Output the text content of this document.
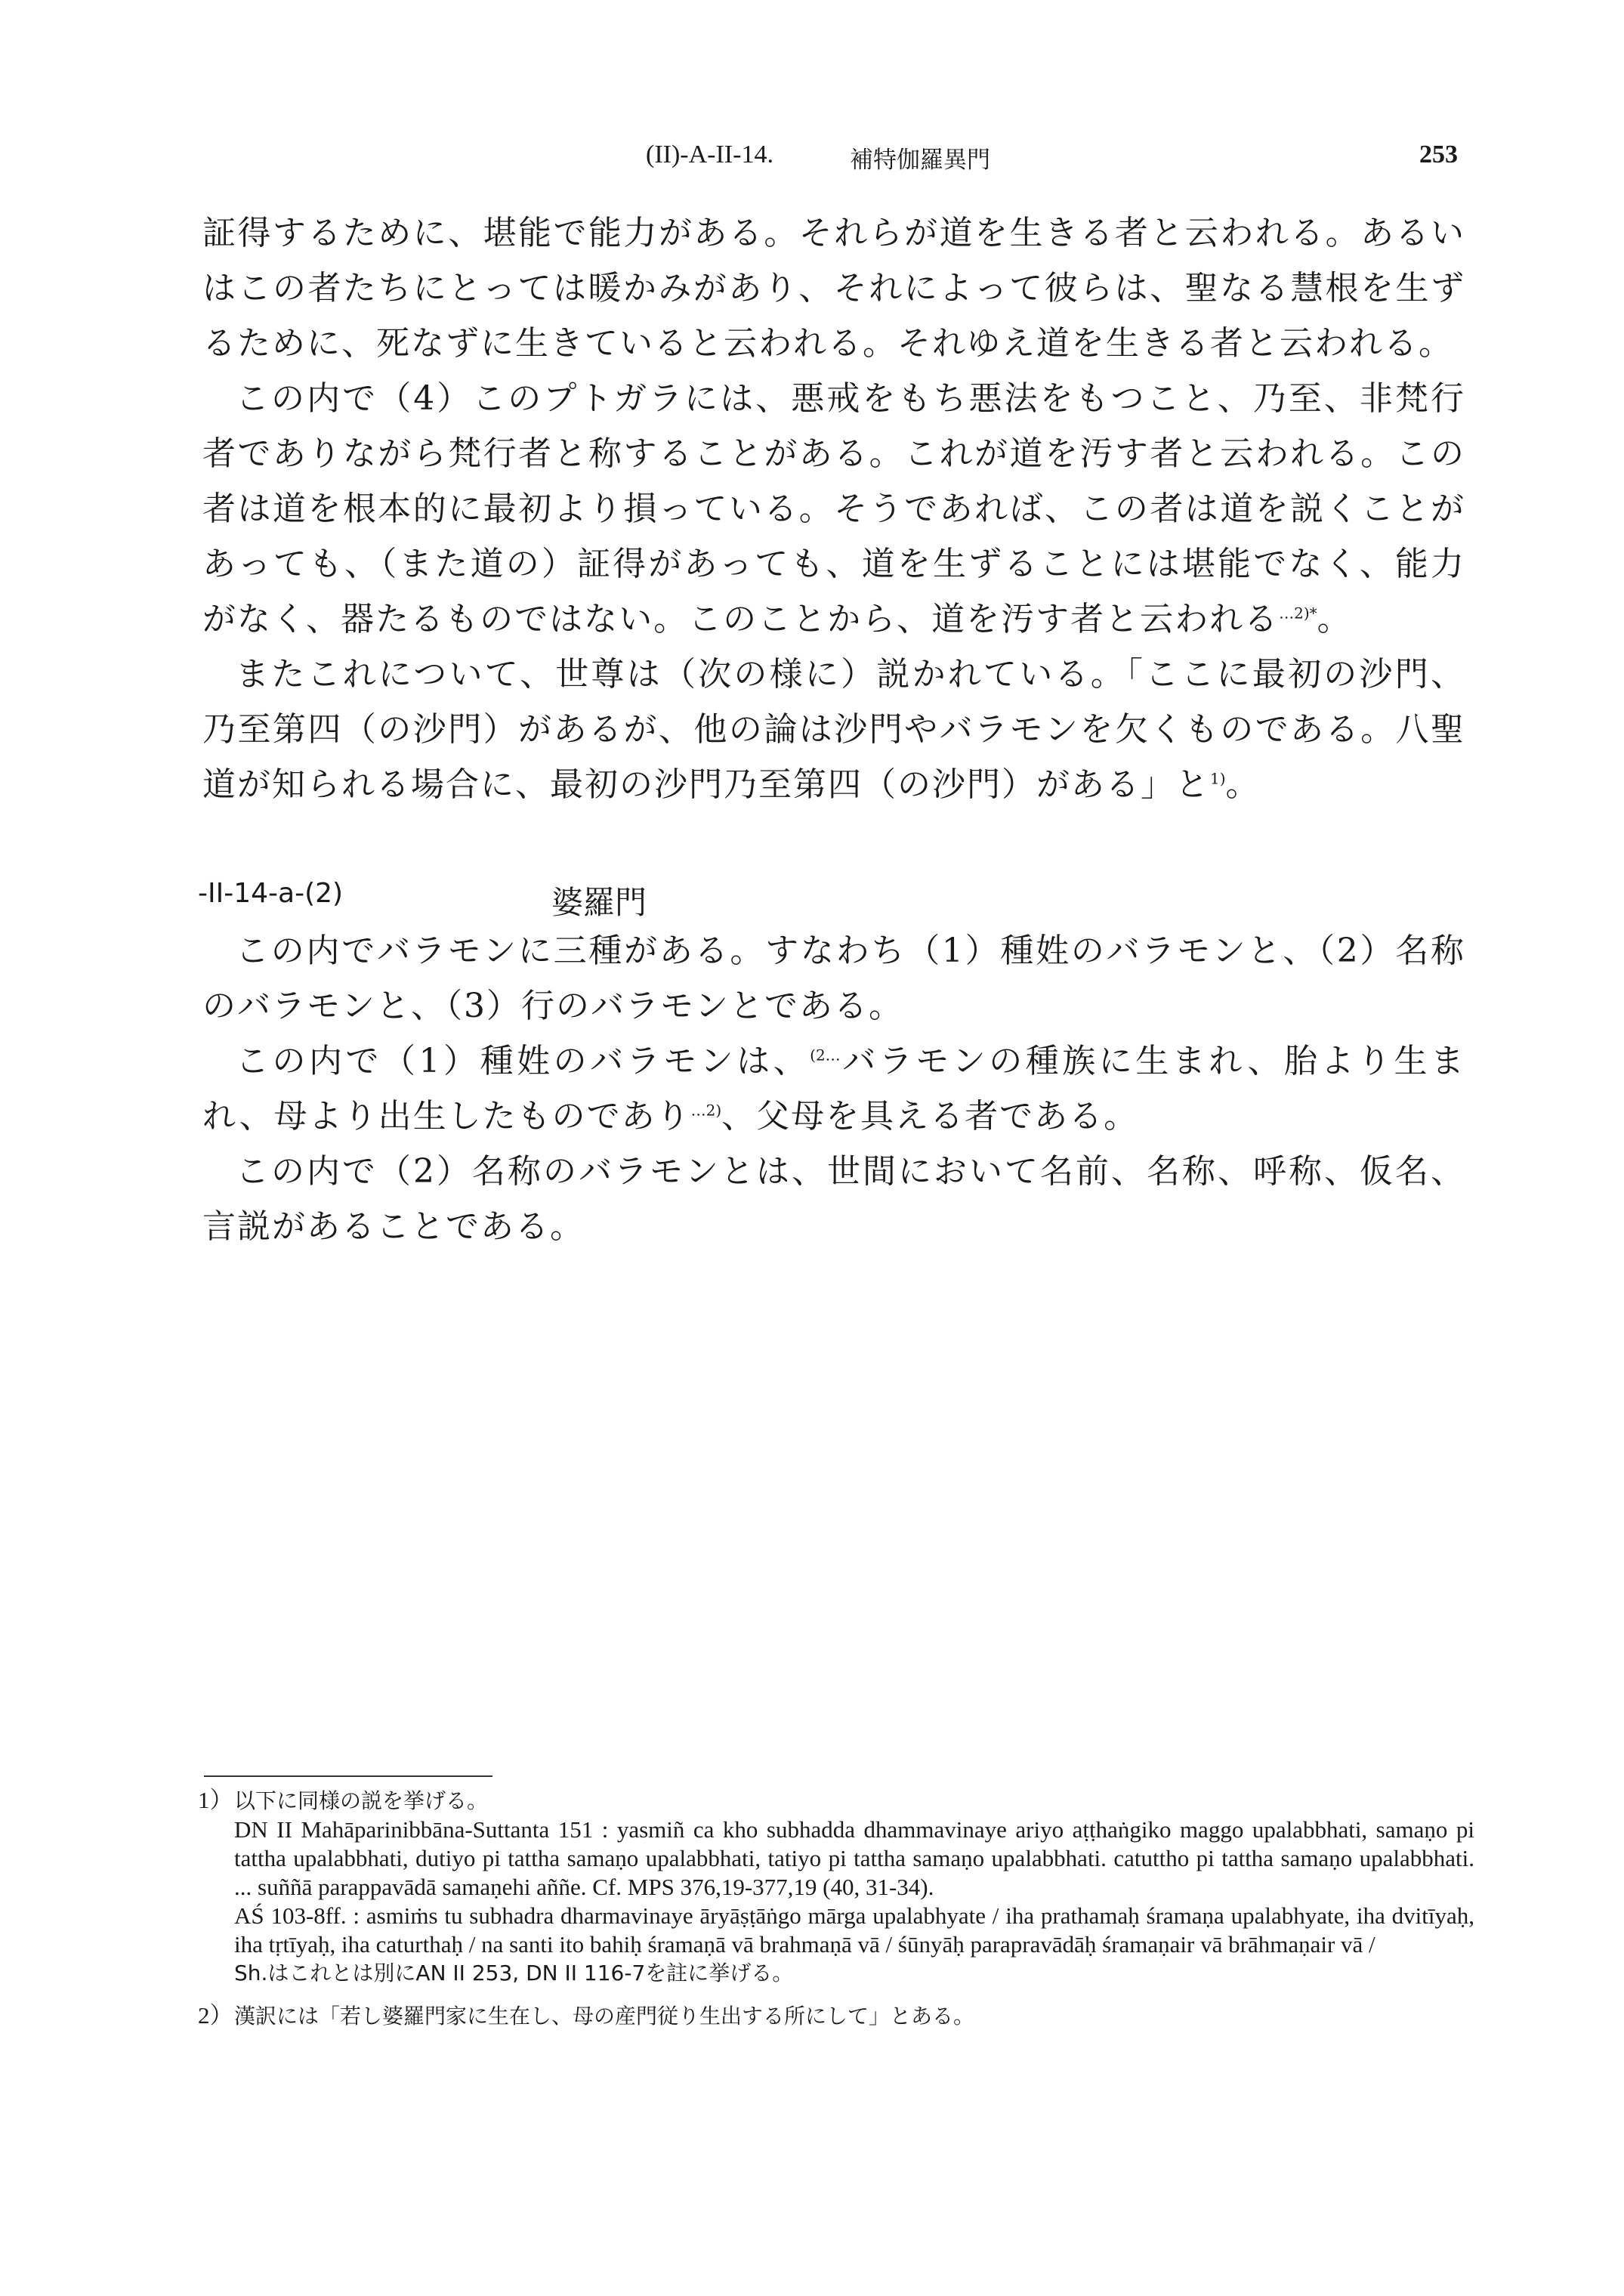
(II)-A-II-14.	補特伽羅異門	253

証得するために、堪能で能力がある。それらが道を生きる者と云われる。あるいはこの者たちにとっては暖かみがあり、それによって彼らは、聖なる慧根を生ずるために、死なずに生きていると云われる。それゆえ道を生きる者と云われる。

この内で（4）このプトガラには、悪戒をもち悪法をもつこと、乃至、非梵行者でありながら梵行者と称することがある。これが道を汚す者と云われる。この者は道を根本的に最初より損っている。そうであれば、この者は道を説くことがあっても、（また道の）証得があっても、道を生ずることには堪能でなく、能力がなく、器たるものではない。このことから、道を汚す者と云われる$^{\dots 2)*}$。

またこれについて、世尊は（次の様に）説かれている。「ここに最初の沙門、乃至第四（の沙門）があるが、他の論は沙門やバラモンを欠くものである。八聖道が知られる場合に、最初の沙門乃至第四（の沙門）がある」と$^{1)}$。

-II-14-a-(2)	婆羅門

この内でバラモンに三種がある。すなわち（1）種姓のバラモンと、（2）名称のバラモンと、（3）行のバラモンとである。

この内で（1）種姓のバラモンは、$^{(2\dots}$バラモンの種族に生まれ、胎より生まれ、母より出生したものであり$^{\dots 2)}$、父母を具える者である。

この内で（2）名称のバラモンとは、世間において名前、名称、呼称、仮名、言説があることである。

1）以下に同様の説を挙げる。

DN II Mahāparinibbāna-Suttanta 151 : yasmiñ ca kho subhadda dhammavinaye ariyo aṭṭhaṅgiko maggo upalabbhati, samaṇo pi tattha upalabbhati, dutiyo pi tattha samaṇo upalabbhati, tatiyo pi tattha samaṇo upalabbhati. catuttho pi tattha samaṇo upalabbhati. ... suññā parappavādā samaṇehi aññe. Cf. MPS 376,19-377,19 (40, 31-34).

AŚ 103-8ff. : asmiṁs tu subhadra dharmavinaye āryāṣṭāṅgo mārga upalabhyate / iha prathamaḥ śramaṇa upalabhyate, iha dvitīyaḥ, iha tṛtīyaḥ, iha caturthaḥ / na santi ito bahiḥ śramaṇā vā brahmaṇā vā / śūnyāḥ parapravādāḥ śramaṇair vā brāhmaṇair vā /

Sh.はこれとは別にAN II 253, DN II 116-7を註に挙げる。

2）漢訳には「若し婆羅門家に生在し、母の産門従り生出する所にして」とある。
